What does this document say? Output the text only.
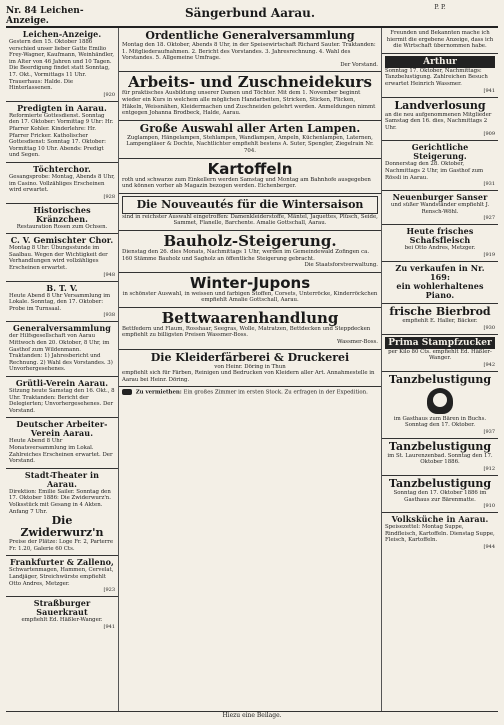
Nr. 84 Leichen-Anzeige.
Sängerbund Aarau.	P. P.
Leichen-Anzeige.
Gestern den 15. Oktober 1886 verschied unser lieber Gatte Emilio Frey-Wagner, Kaufmann, Weinhändler, im Alter von 46 Jahren und 10 Tagen. Die Beerdigung findet statt Sonntag, 17. Okt., Vormittags 11 Uhr. Trauerhaus: Halde. Die Hinterlassenen.
[920
Predigten in Aarau.
Reformierte Gottesdienst. Sonntag den 17. Oktober: Vormittag 9 Uhr: Hr. Pfarrer Kohler. Kinderlehre: Hr. Pfarrer Fricker. Katholischer Gottesdienst: Sonntag 17. Oktober: Vormittag 10 Uhr. Abends: Predigt und Segen.
Töchterchor.
Gesangsprobe: Montag, Abends 8 Uhr, im Casino. Vollzähliges Erscheinen wird erwartet.
[928
Historisches Kränzchen.
Restauration Rosen zum Ochsen.
C. V. Gemischter Chor.
Montag 8 Uhr: Übungsstunde im Saalbau. Wegen der Wichtigkeit der Verhandlungen wird vollzähliges Erscheinen erwartet.
[948
B. T. V.
Heute Abend 8 Uhr Versammlung im Lokale. Sonntag, den 17. Oktober: Probe im Turnsaal.
[938
Generalversammlung
der Hilfsgesellschaft von Aarau Mittwoch den 20. Oktober, 8 Uhr, im Gasthof zum Wildenmann. Traktanden: 1) Jahresbericht und Rechnung. 2) Wahl des Vorstandes. 3) Unvorhergesehenes.
Grütli-Verein Aarau.
Sitzung heute Samstag den 16. Okt., 8 Uhr. Traktanden: Bericht der Delegierten; Unvorhergesehenes. Der Vorstand.
Deutscher Arbeiter-Verein Aarau.
Heute Abend 8 Uhr Monatsversammlung im Lokal. Zahlreiches Erscheinen erwartet. Der Vorstand.
Stadt-Theater in Aarau.
Direktion: Emilie Sailer. Sonntag den 17. Oktober 1886: Die Zwiderwurz'n. Volksstück mit Gesang in 4 Akten. Anfang 7 Uhr.
Die Zwiderwurz'n
Preise der Plätze: Loge Fr. 2, Parterre Fr. 1.20, Galerie 60 Cts.
Frankfurter & Zalleno,
Schwartenmagen, Hammen, Cervelat, Landjäger, Streichwürste empfiehlt Otto Andres, Metzger.
[923
Straßburger Sauerkraut
empfiehlt Ed. Häßler-Wanger.
[941
Ordentliche Generalversammlung
Montag den 18. Oktober, Abends 8 Uhr, in der Speisewirtschaft Richard Sauter. Traktanden: 1. Mitgliederaufnahmen. 2. Bericht des Vorstandes. 3. Jahresrechnung. 4. Wahl des Vorstandes. 5. Allgemeine Umfrage.
Der Vorstand.
Arbeits- und Zuschneidekurs
für praktisches Ausbildung unserer Damen und Töchter. Mit dem 1. November beginnt wieder ein Kurs in welchem alle möglichen Handarbeiten, Stricken, Sticken, Flicken, Häkeln, Weissnähen, Kleidermachen und Zuschneiden gelehrt werden. Anmeldungen nimmt entgegen Johanna Brodbeck, Halde, Aarau.
Große Auswahl aller Arten Lampen.
Zuglampen, Hängelampen, Stehlampen, Wandlampen, Ampeln, Küchenlampen, Laternen, Lampengläser & Dochte, Nachtlichter empfiehlt bestens A. Suter, Spengler, Ziegelrain Nr. 704.
Kartoffeln
roth und schwarze zum Einkellern werden Samstag und Montag am Bahnhofe ausgegeben und können vorher ab Magazin bezogen werden. Eichenberger.
Die Nouveautés für die Wintersaison
sind in reichster Auswahl eingetroffen: Damenkleiderstoffe, Mäntel, Jaquettes, Plüsch, Seide, Sammet, Flanelle, Barchente. Amalie Gottschall, Aarau.
Bauholz-Steigerung.
Dienstag den 26. dies Monats, Nachmittags 1 Uhr, werden im Gemeindewald Zofingen ca. 160 Stämme Bauholz und Sagholz an öffentliche Steigerung gebracht.
Die Staatsforstverwaltung.
Winter-Jupons
in schönster Auswahl, in weissen und farbigen Stoffen, Corsets, Unterröcke, Kinderröckchen empfiehlt Amalie Gottschall, Aarau.
Bettwaarenhandlung
Bettfedern und Flaum, Rosshaar, Seegras, Wolle, Matratzen, Bettdecken und Steppdecken empfiehlt zu billigsten Preisen Wassmer-Boss.
Wassmer-Boss.
Die Kleiderfärberei & Druckerei
von Heinr. Döring in Thun
empfiehlt sich für Färben, Reinigen und Bedrucken von Kleidern aller Art. Annahmestelle in Aarau bei Heinr. Döring.
Zu vermiethen: Ein großes Zimmer im ersten Stock. Zu erfragen in der Expedition.
Freunden und Bekannten mache ich hiermit die ergebene Anzeige, dass ich die Wirtschaft übernommen habe.
Arthur
Sonntag 17. Oktober, Nachmittags: Tanzbelustigung. Zahlreichen Besuch erwartet Heinrich Wassmer.
[941
Landverlosung
an die neu aufgenommenen Mitglieder Samstag den 16. dies, Nachmittags 2 Uhr.
[909
Gerichtliche Steigerung.
Donnerstag den 28. Oktober, Nachmittags 2 Uhr, im Gasthof zum Rössli in Aarau.
[931
Neuenburger Sanser
und süßer Wandständer empfiehlt J. Rensch-Wöhl.
[927
Heute frisches Schafsfleisch
bei Otto Andres, Metzger.
[919
Zu verkaufen in Nr. 169:
ein wohlerhaltenes Piano.
frische Bierbrod
empfiehlt E. Haller, Bäcker.
[930
Prima Stampfzucker
per Kilo 80 Cts. empfiehlt Ed. Häßler-Wanger.
[942
Tanzbelustigung
im Gasthaus zum Bären in Buchs. Sonntag den 17. Oktober.
[937
Tanzbelustigung
im St. Laurenzenbad. Sonntag den 17. Oktober 1886.
[912
Tanzbelustigung
Sonntag den 17. Oktober 1886 im Gasthaus zur Bärenmatte.
[910
Volksküche in Aarau.
Speisezettel: Montag Suppe, Rindfleisch, Kartoffeln. Dienstag Suppe, Fleisch, Kartoffeln.
[944
Hiezu eine Beilage.
